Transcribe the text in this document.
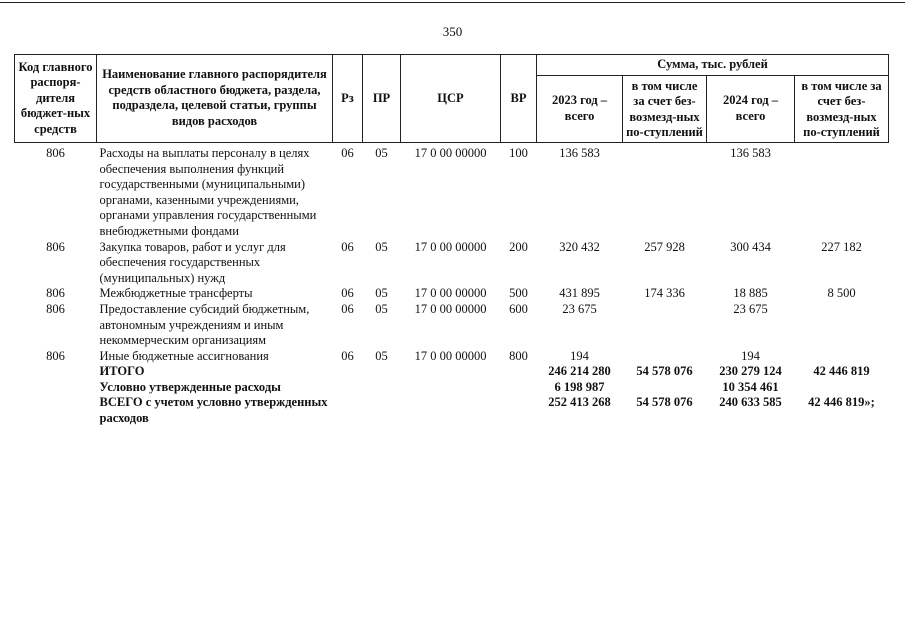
350
Код главного распоря-дителя бюджет-ных средств	Наименование главного распорядителя средств областного бюджета, раздела, подраздела, целевой статьи, группы видов расходов	Рз	ПР	ЦСР	ВР	Сумма, тыс. рублей			
						2023 год – всего	в том числе за счет без-возмезд-ных по-ступлений	2024 год – всего	в том числе за счет без-возмезд-ных по-ступлений
806	Расходы на выплаты персоналу в целях обеспечения выполнения функций государственными (муниципальными) органами, казенными учреждениями, органами управления государственными внебюджетными фондами	06	05	17 0 00 00000	100	136 583		136 583	
806	Закупка товаров, работ и услуг для обеспечения государственных (муниципальных) нужд	06	05	17 0 00 00000	200	320 432	257 928	300 434	227 182
806	Межбюджетные трансферты	06	05	17 0 00 00000	500	431 895	174 336	18 885	8 500
806	Предоставление субсидий бюджетным, автономным учреждениям и иным некоммерческим организациям	06	05	17 0 00 00000	600	23 675		23 675	
806	Иные бюджетные ассигнования	06	05	17 0 00 00000	800	194		194	

	ИТОГО					246 214 280	54 578 076	230 279 124	42 446 819

	Условно утвержденные расходы					6 198 987		10 354 461	

	ВСЕГО с учетом условно утвержденных расходов					252 413 268	54 578 076	240 633 585	42 446 819»;
